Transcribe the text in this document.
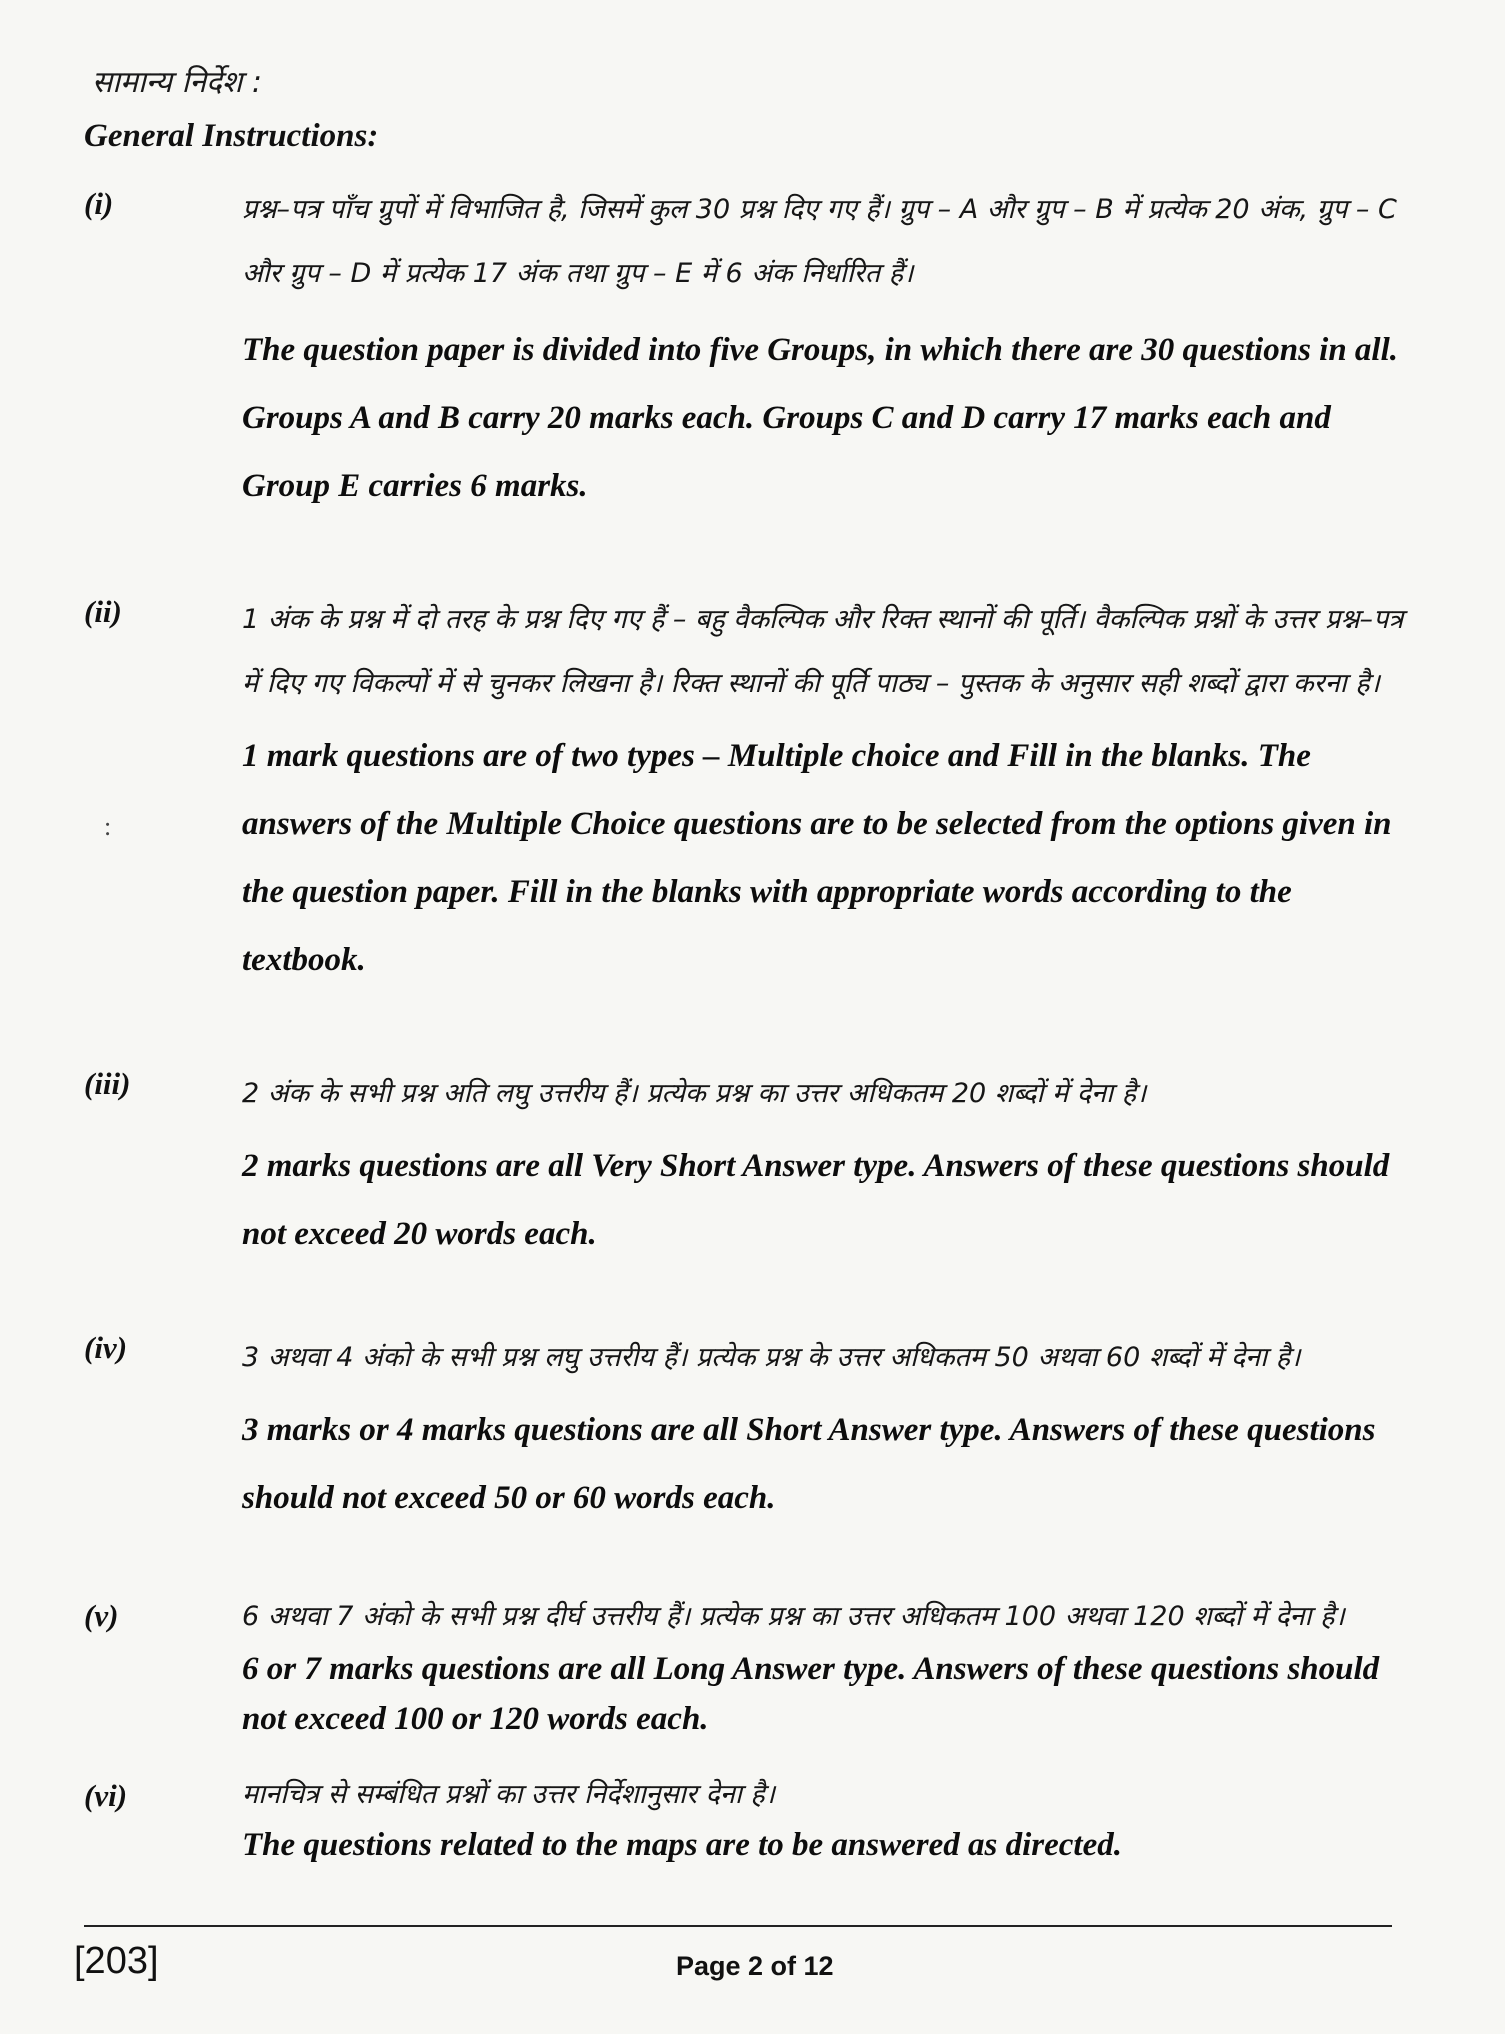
सामान्य निर्देश :
General Instructions:
(i)	प्रश्न–पत्र पाँच ग्रुपों में विभाजित है, जिसमें कुल 30 प्रश्न दिए गए हैं। ग्रुप – A और ग्रुप – B में प्रत्येक 20 अंक, ग्रुप – C और ग्रुप – D में प्रत्येक 17 अंक तथा ग्रुप – E में 6 अंक निर्धारित हैं।
The question paper is divided into five Groups, in which there are 30 questions in all. Groups A and B carry 20 marks each. Groups C and D carry 17 marks each and Group E carries 6 marks.
(ii)	1 अंक के प्रश्न में दो तरह के प्रश्न दिए गए हैं – बहु वैकल्पिक और रिक्त स्थानों की पूर्ति। वैकल्पिक प्रश्नों के उत्तर प्रश्न–पत्र में दिए गए विकल्पों में से चुनकर लिखना है। रिक्त स्थानों की पूर्ति पाठ्य – पुस्तक के अनुसार सही शब्दों द्वारा करना है।
1 mark questions are of two types – Multiple choice and Fill in the blanks. The answers of the Multiple Choice questions are to be selected from the options given in the question paper. Fill in the blanks with appropriate words according to the textbook.
:
(iii)	2 अंक के सभी प्रश्न अति लघु उत्तरीय हैं। प्रत्येक प्रश्न का उत्तर अधिकतम 20 शब्दों में देना है।
2 marks questions are all Very Short Answer type. Answers of these questions should not exceed 20 words each.
(iv)	3 अथवा 4 अंको के सभी प्रश्न लघु उत्तरीय हैं। प्रत्येक प्रश्न के उत्तर अधिकतम 50 अथवा 60 शब्दों में देना है।
3 marks or 4 marks questions are all Short Answer type. Answers of these questions should not exceed 50 or 60 words each.
(v)	6 अथवा 7 अंको के सभी प्रश्न दीर्घ उत्तरीय हैं। प्रत्येक प्रश्न का उत्तर अधिकतम 100 अथवा 120 शब्दों में देना है।
6 or 7 marks questions are all Long Answer type. Answers of these questions should not exceed 100 or 120 words each.
(vi)	मानचित्र से सम्बंधित प्रश्नों का उत्तर निर्देशानुसार देना है।
The questions related to the maps are to be answered as directed.
[203]	Page 2 of 12
